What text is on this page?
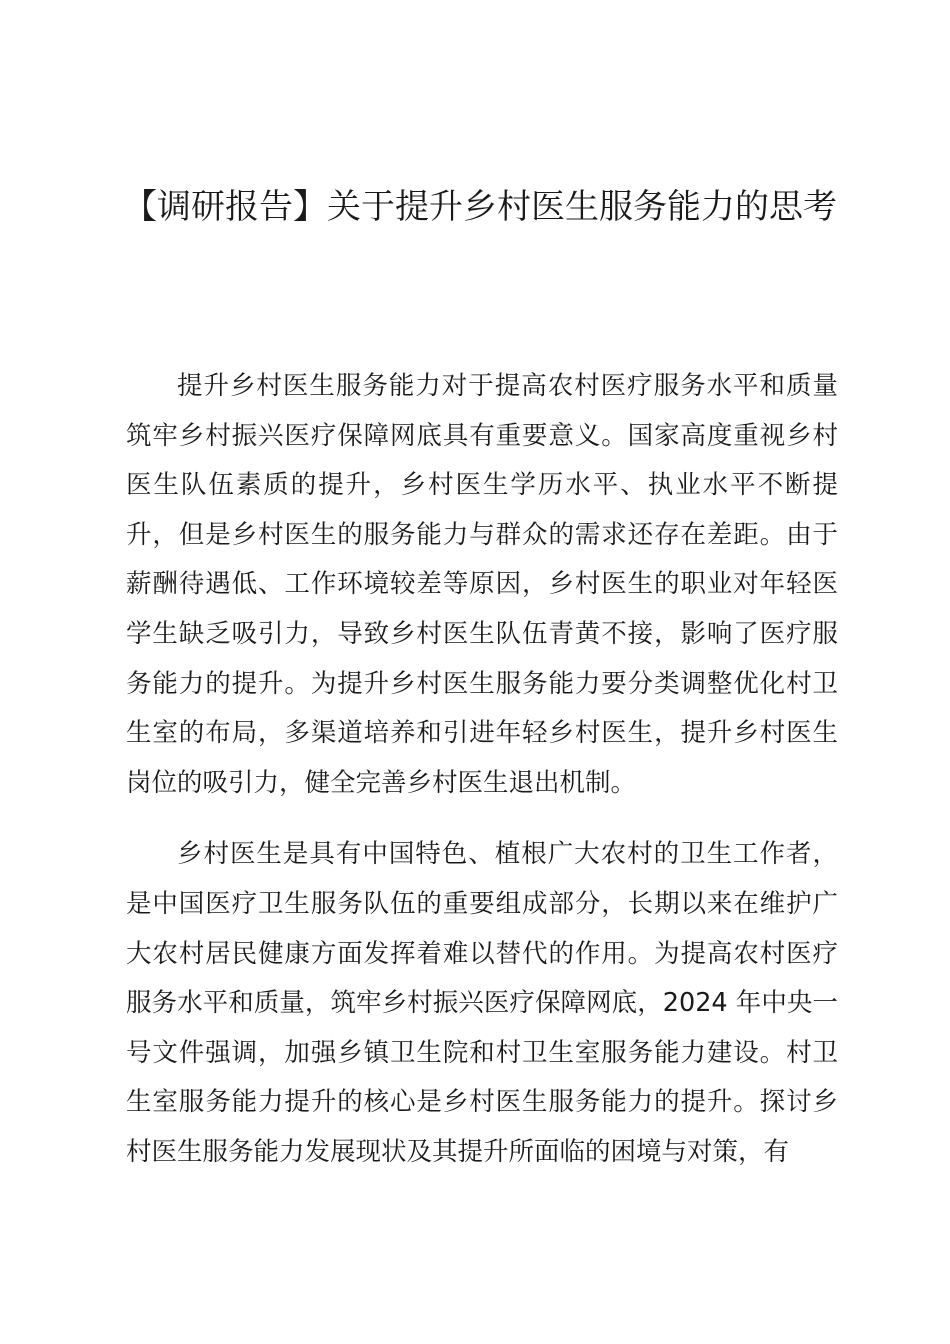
【调研报告】关于提升乡村医生服务能力的思考

提升乡村医生服务能力对于提高农村医疗服务水平和质量筑牢乡村振兴医疗保障网底具有重要意义。国家高度重视乡村医生队伍素质的提升，乡村医生学历水平、执业水平不断提升，但是乡村医生的服务能力与群众的需求还存在差距。由于薪酬待遇低、工作环境较差等原因，乡村医生的职业对年轻医学生缺乏吸引力，导致乡村医生队伍青黄不接，影响了医疗服务能力的提升。为提升乡村医生服务能力要分类调整优化村卫生室的布局，多渠道培养和引进年轻乡村医生，提升乡村医生岗位的吸引力，健全完善乡村医生退出机制。

乡村医生是具有中国特色、植根广大农村的卫生工作者，是中国医疗卫生服务队伍的重要组成部分，长期以来在维护广大农村居民健康方面发挥着难以替代的作用。为提高农村医疗服务水平和质量，筑牢乡村振兴医疗保障网底，2024 年中央一号文件强调，加强乡镇卫生院和村卫生室服务能力建设。村卫生室服务能力提升的核心是乡村医生服务能力的提升。探讨乡村医生服务能力发展现状及其提升所面临的困境与对策，有
